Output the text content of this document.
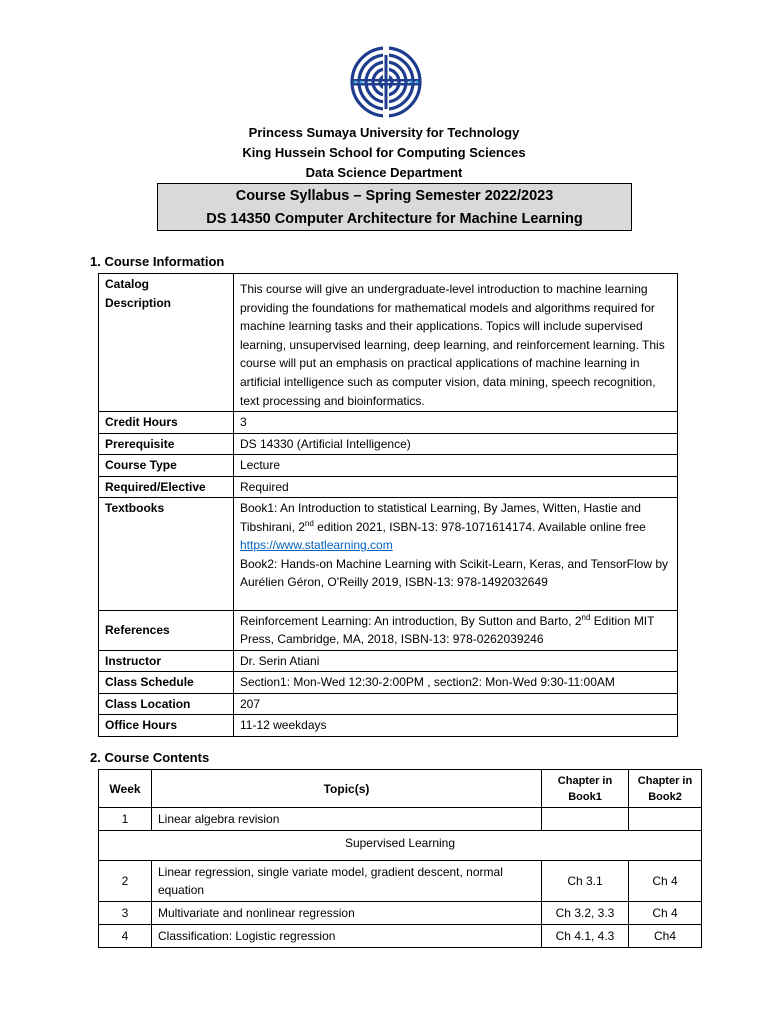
Princess Sumaya University for Technology
King Hussein School for Computing Sciences
Data Science Department
Course Syllabus – Spring Semester 2022/2023
DS 14350 Computer Architecture for Machine Learning
1. Course Information
Catalog
Description	This course will give an undergraduate-level introduction to machine learning providing the foundations for mathematical models and algorithms required for machine learning tasks and their applications. Topics will include supervised learning, unsupervised learning, deep learning, and reinforcement learning. This course will put an emphasis on practical applications of machine learning in artificial intelligence such as computer vision, data mining, speech recognition, text processing and bioinformatics.
Credit Hours	3
Prerequisite	DS 14330 (Artificial Intelligence)
Course Type	Lecture
Required/Elective	Required
Textbooks	Book1: An Introduction to statistical Learning, By James, Witten, Hastie and Tibshirani, 2nd edition 2021, ISBN-13: 978-1071614174. Available online free
https://www.statlearning.com
Book2: Hands-on Machine Learning with Scikit-Learn, Keras, and TensorFlow by Aurélien Géron, O'Reilly 2019, ISBN-13: 978-1492032649
References	Reinforcement Learning: An introduction, By Sutton and Barto, 2nd Edition MIT Press, Cambridge, MA, 2018, ISBN-13: 978-0262039246
Instructor	Dr. Serin Atiani
Class Schedule	Section1: Mon-Wed 12:30-2:00PM , section2: Mon-Wed 9:30-11:00AM
Class Location	207
Office Hours	11-12 weekdays
2. Course Contents
Week	Topic(s)	Chapter in Book1	Chapter in Book2
1	Linear algebra revision		
Supervised Learning			
2	Linear regression, single variate model, gradient descent, normal equation	Ch 3.1	Ch 4
3	Multivariate and nonlinear regression	Ch 3.2, 3.3	Ch 4
4	Classification: Logistic regression	Ch 4.1, 4.3	Ch4
